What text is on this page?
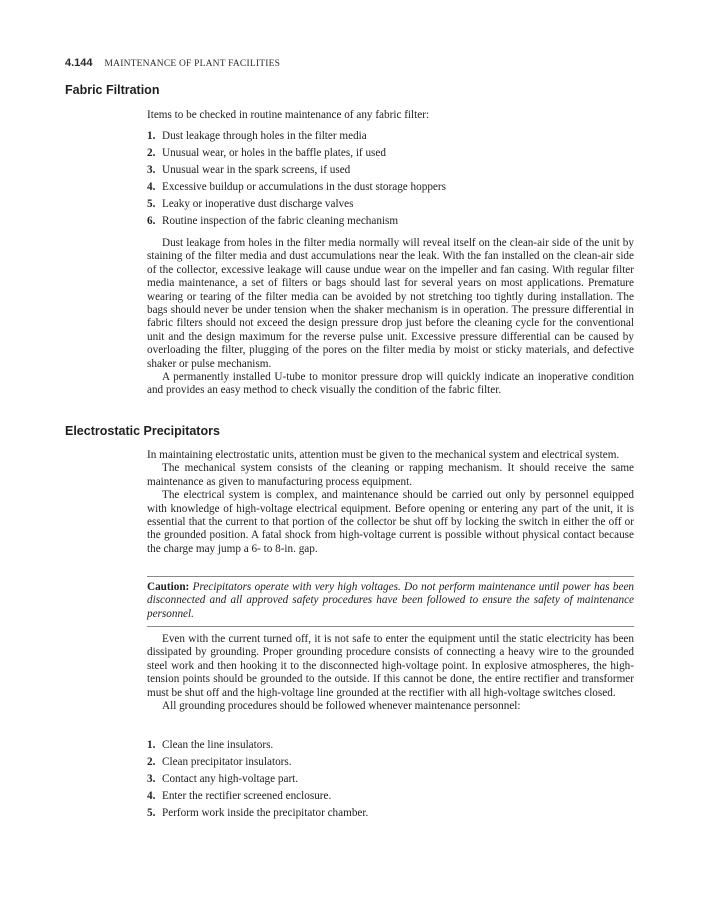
4.144 MAINTENANCE OF PLANT FACILITIES
Fabric Filtration

Items to be checked in routine maintenance of any fabric filter:

1. Dust leakage through holes in the filter media
2. Unusual wear, or holes in the baffle plates, if used
3. Unusual wear in the spark screens, if used
4. Excessive buildup or accumulations in the dust storage hoppers
5. Leaky or inoperative dust discharge valves
6. Routine inspection of the fabric cleaning mechanism

Dust leakage from holes in the filter media normally will reveal itself on the clean-air side of the unit by staining of the filter media and dust accumulations near the leak. With the fan installed on the clean-air side of the collector, excessive leakage will cause undue wear on the impeller and fan casing. With regular filter media maintenance, a set of filters or bags should last for several years on most applications. Premature wearing or tearing of the filter media can be avoided by not stretching too tightly during installation. The bags should never be under tension when the shaker mechanism is in operation. The pressure differential in fabric filters should not exceed the design pressure drop just before the cleaning cycle for the conventional unit and the design maximum for the reverse pulse unit. Excessive pressure differential can be caused by overloading the filter, plugging of the pores on the filter media by moist or sticky materials, and defective shaker or pulse mechanism.

A permanently installed U-tube to monitor pressure drop will quickly indicate an inoperative condition and provides an easy method to check visually the condition of the fabric filter.

Electrostatic Precipitators

In maintaining electrostatic units, attention must be given to the mechanical system and electrical system.

The mechanical system consists of the cleaning or rapping mechanism. It should receive the same maintenance as given to manufacturing process equipment.

The electrical system is complex, and maintenance should be carried out only by personnel equipped with knowledge of high-voltage electrical equipment. Before opening or entering any part of the unit, it is essential that the current to that portion of the collector be shut off by locking the switch in either the off or the grounded position. A fatal shock from high-voltage current is possible without physical contact because the charge may jump a 6- to 8-in. gap.

Caution: Precipitators operate with very high voltages. Do not perform maintenance until power has been disconnected and all approved safety procedures have been followed to ensure the safety of maintenance personnel.

Even with the current turned off, it is not safe to enter the equipment until the static electricity has been dissipated by grounding. Proper grounding procedure consists of connecting a heavy wire to the grounded steel work and then hooking it to the disconnected high-voltage point. In explosive atmospheres, the high-tension points should be grounded to the outside. If this cannot be done, the entire rectifier and transformer must be shut off and the high-voltage line grounded at the rectifier with all high-voltage switches closed.

All grounding procedures should be followed whenever maintenance personnel:

1. Clean the line insulators.
2. Clean precipitator insulators.
3. Contact any high-voltage part.
4. Enter the rectifier screened enclosure.
5. Perform work inside the precipitator chamber.
